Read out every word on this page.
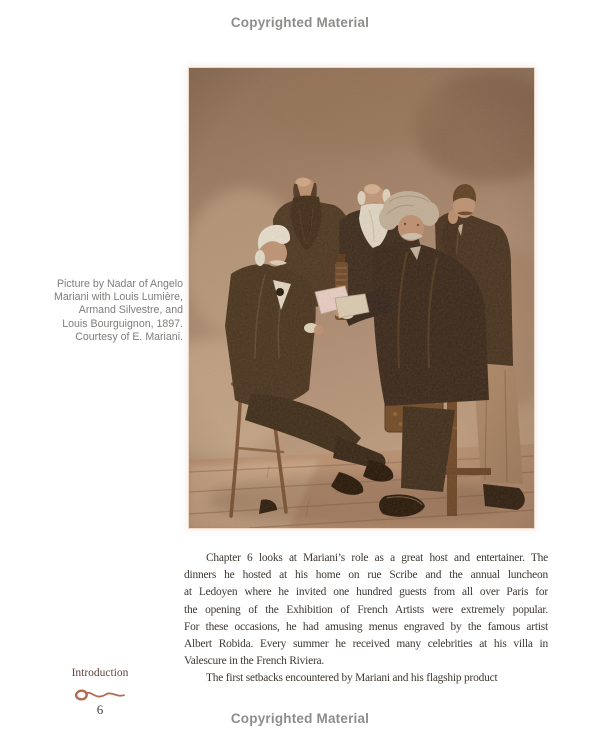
Copyrighted Material
Picture by Nadar of Angelo
Mariani with Louis Lumière,
Armand Silvestre, and
Louis Bourguignon, 1897.
Courtesy of E. Mariani.
Chapter 6 looks at Mariani’s role as a great host and entertainer. The
dinners he hosted at his home on rue Scribe and the annual luncheon
at Ledoyen where he invited one hundred guests from all over Paris for
the opening of the Exhibition of French Artists were extremely popular.
For these occasions, he had amusing menus engraved by the famous artist
Albert Robida. Every summer he received many celebrities at his villa in
Valescure in the French Riviera.
The first setbacks encountered by Mariani and his flagship product
Introduction
6
Copyrighted Material
